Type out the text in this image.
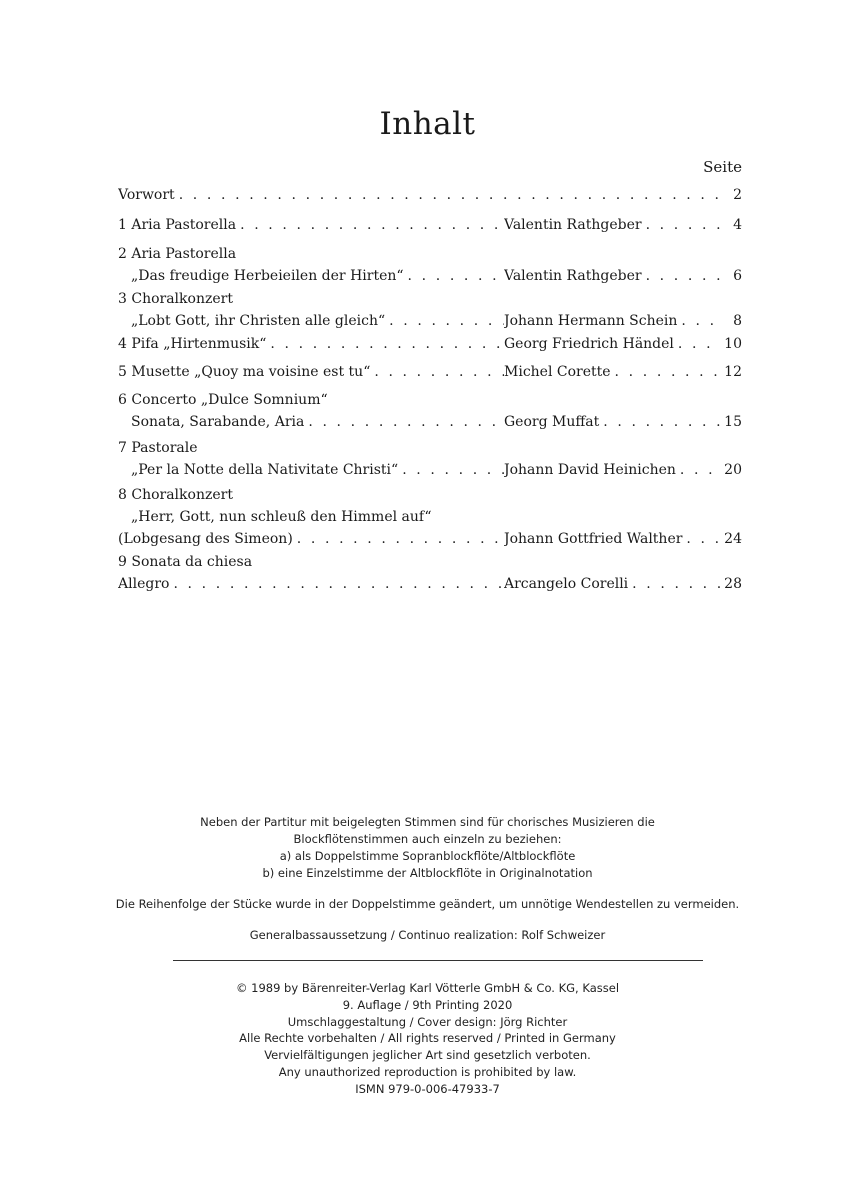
Inhalt
Seite
Vorwort . . .	2
1 Aria Pastorella . . .	Valentin Rathgeber . . .	4
2 Aria Pastorella
„Das freudige Herbeieilen der Hirten“ . . .	Valentin Rathgeber . . .	6
3 Choralkonzert
„Lobt Gott, ihr Christen alle gleich“ . . .	Johann Hermann Schein . . .	8
4 Pifa „Hirtenmusik“ . . .	Georg Friedrich Händel . . .	10
5 Musette „Quoy ma voisine est tu“ . . .	Michel Corette . . .	12
6 Concerto „Dulce Somnium“
Sonata, Sarabande, Aria . . .	Georg Muffat . . .	15
7 Pastorale
„Per la Notte della Nativitate Christi“ . . .	Johann David Heinichen . . .	20
8 Choralkonzert
„Herr, Gott, nun schleuß den Himmel auf“
(Lobgesang des Simeon) . . .	Johann Gottfried Walther . . .	24
9 Sonata da chiesa
Allegro . . .	Arcangelo Corelli . . .	28
Neben der Partitur mit beigelegten Stimmen sind für chorisches Musizieren die
Blockflötenstimmen auch einzeln zu beziehen:
a) als Doppelstimme Sopranblockflöte/Altblockflöte
b) eine Einzelstimme der Altblockflöte in Originalnotation
Die Reihenfolge der Stücke wurde in der Doppelstimme geändert, um unnötige Wendestellen zu vermeiden.
Generalbassaussetzung / Continuo realization: Rolf Schweizer
© 1989 by Bärenreiter-Verlag Karl Vötterle GmbH & Co. KG, Kassel
9. Auflage / 9th Printing 2020
Umschlaggestaltung / Cover design: Jörg Richter
Alle Rechte vorbehalten / All rights reserved / Printed in Germany
Vervielfältigungen jeglicher Art sind gesetzlich verboten.
Any unauthorized reproduction is prohibited by law.
ISMN 979-0-006-47933-7
